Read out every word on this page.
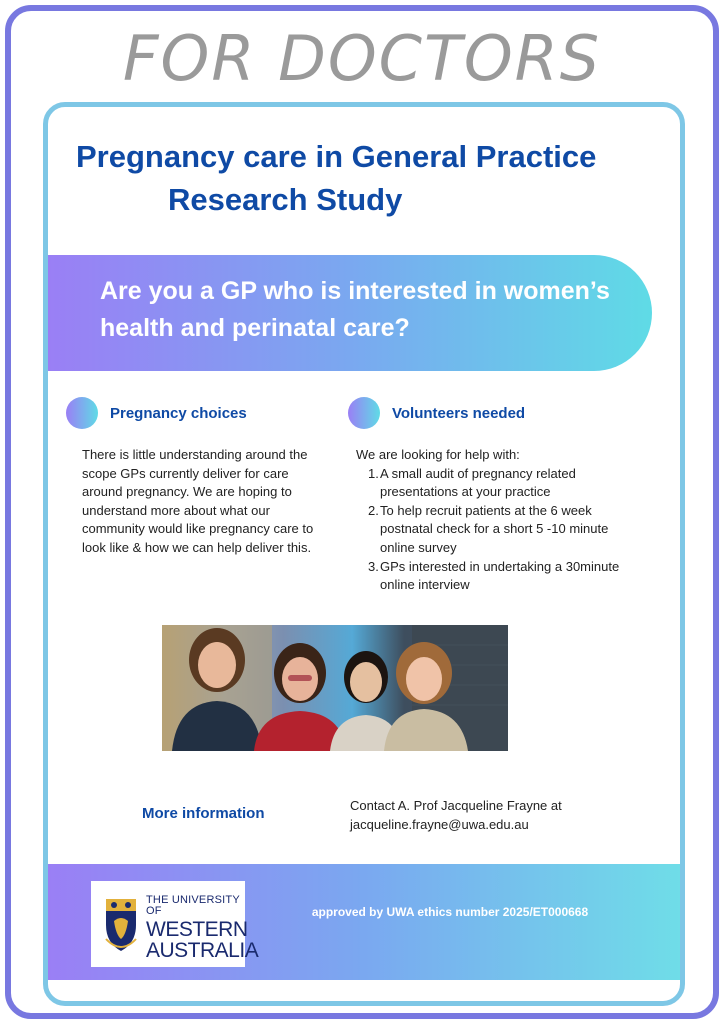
FOR DOCTORS
Pregnancy care in General Practice
Research Study
Are you a GP who is interested in women’s health and perinatal care?
Pregnancy choices
There is little understanding around the scope GPs currently deliver for care around pregnancy. We are hoping to understand more about what our community would like pregnancy care to look like & how we can help deliver this.
Volunteers needed
We are looking for help with:
1. A small audit of pregnancy related presentations at your practice
2. To help recruit patients at the 6 week postnatal check for a short 5 -10 minute online survey
3. GPs interested in undertaking a 30minute online interview
More information	Contact A. Prof Jacqueline Frayne at jacqueline.frayne@uwa.edu.au
THE UNIVERSITY OF
WESTERN
AUSTRALIA
approved by UWA ethics number 2025/ET000668
